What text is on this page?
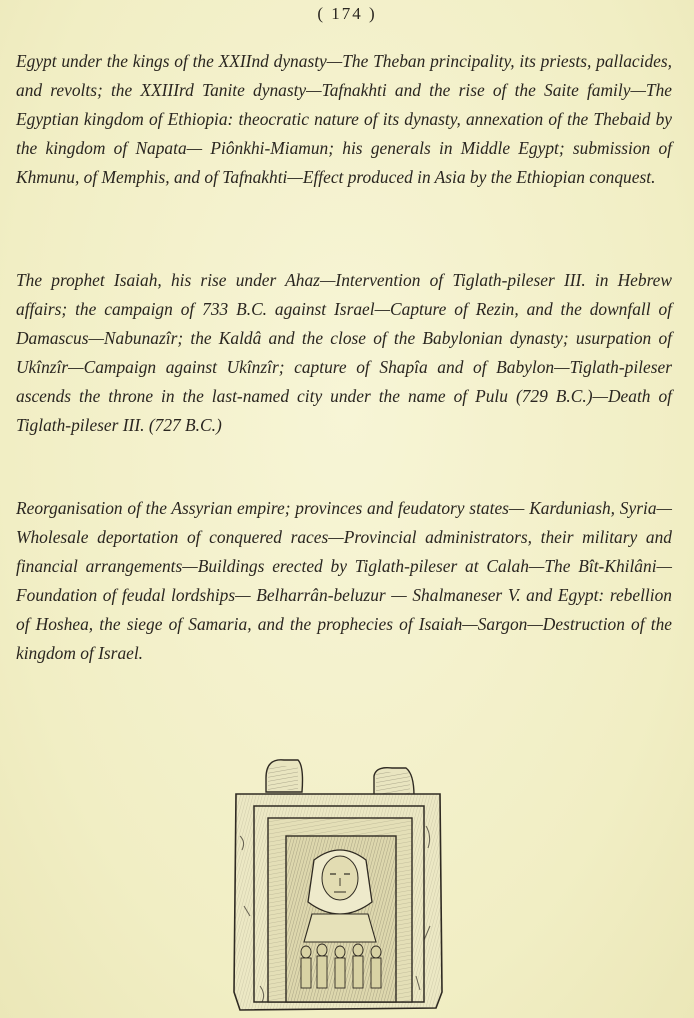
( 174 )

Egypt under the kings of the XXIInd dynasty—The Theban principality, its priests, pallacides, and revolts; the XXIIIrd Tanite dynasty—Tafnakhti and the rise of the Saite family—The Egyptian kingdom of Ethiopia: theocratic nature of its dynasty, annexation of the Thebaid by the kingdom of Napata— Piônkhi-Miamun; his generals in Middle Egypt; submission of Khmunu, of Memphis, and of Tafnakhti—Effect produced in Asia by the Ethiopian conquest.

The prophet Isaiah, his rise under Ahaz—Intervention of Tiglath-pileser III. in Hebrew affairs; the campaign of 733 B.C. against Israel—Capture of Rezin, and the downfall of Damascus—Nabunazîr; the Kaldâ and the close of the Babylonian dynasty; usurpation of Ukînzîr—Campaign against Ukînzîr; capture of Shapîa and of Babylon—Tiglath-pileser ascends the throne in the last-named city under the name of Pulu (729 B.C.)—Death of Tiglath-pileser III. (727 B.C.)

Reorganisation of the Assyrian empire; provinces and feudatory states— Karduniash, Syria—Wholesale deportation of conquered races—Provincial administrators, their military and financial arrangements—Buildings erected by Tiglath-pileser at Calah—The Bît-Khilâni—Foundation of feudal lordships— Belharrân-beluzur — Shalmaneser V. and Egypt: rebellion of Hoshea, the siege of Samaria, and the prophecies of Isaiah—Sargon—Destruction of the kingdom of Israel.
